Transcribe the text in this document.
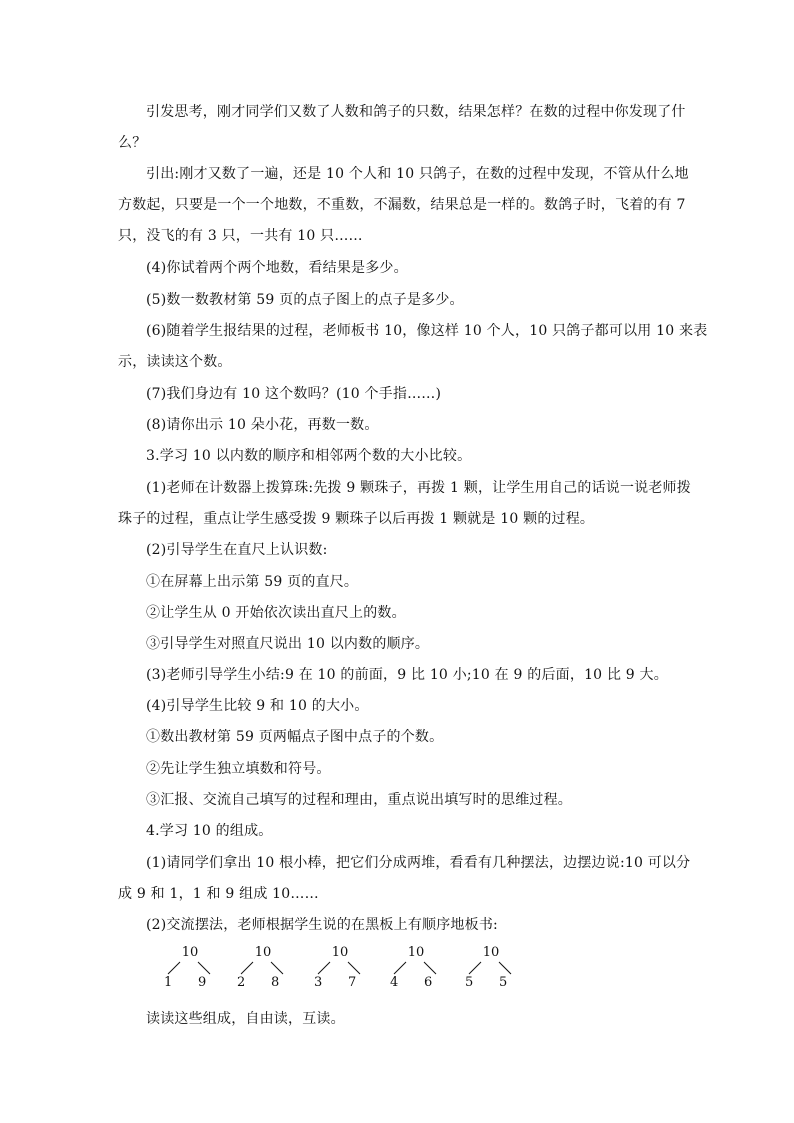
引发思考，刚才同学们又数了人数和鸽子的只数，结果怎样？在数的过程中你发现了什

么？

引出:刚才又数了一遍，还是 10 个人和 10 只鸽子，在数的过程中发现，不管从什么地

方数起，只要是一个一个地数，不重数，不漏数，结果总是一样的。数鸽子时，飞着的有 7

只，没飞的有 3 只，一共有 10 只……

(4)你试着两个两个地数，看结果是多少。

(5)数一数教材第 59 页的点子图上的点子是多少。

(6)随着学生报结果的过程，老师板书 10，像这样 10 个人，10 只鸽子都可以用 10 来表

示，读读这个数。

(7)我们身边有 10 这个数吗？(10 个手指……)

(8)请你出示 10 朵小花，再数一数。

3.学习 10 以内数的顺序和相邻两个数的大小比较。

(1)老师在计数器上拨算珠:先拨 9 颗珠子，再拨 1 颗，让学生用自己的话说一说老师拨

珠子的过程，重点让学生感受拨 9 颗珠子以后再拨 1 颗就是 10 颗的过程。

(2)引导学生在直尺上认识数:

①在屏幕上出示第 59 页的直尺。

②让学生从 0 开始依次读出直尺上的数。

③引导学生对照直尺说出 10 以内数的顺序。

(3)老师引导学生小结:9 在 10 的前面，9 比 10 小;10 在 9 的后面，10 比 9 大。

(4)引导学生比较 9 和 10 的大小。

①数出教材第 59 页两幅点子图中点子的个数。

②先让学生独立填数和符号。

③汇报、交流自己填写的过程和理由，重点说出填写时的思维过程。

4.学习 10 的组成。

(1)请同学们拿出 10 根小棒，把它们分成两堆，看看有几种摆法，边摆边说:10 可以分

成 9 和 1，1 和 9 组成 10……

(2)交流摆法，老师根据学生说的在黑板上有顺序地板书:

10
1 9
10
2 8
10
3 7
10
4 6
10
5 5

读读这些组成，自由读，互读。
